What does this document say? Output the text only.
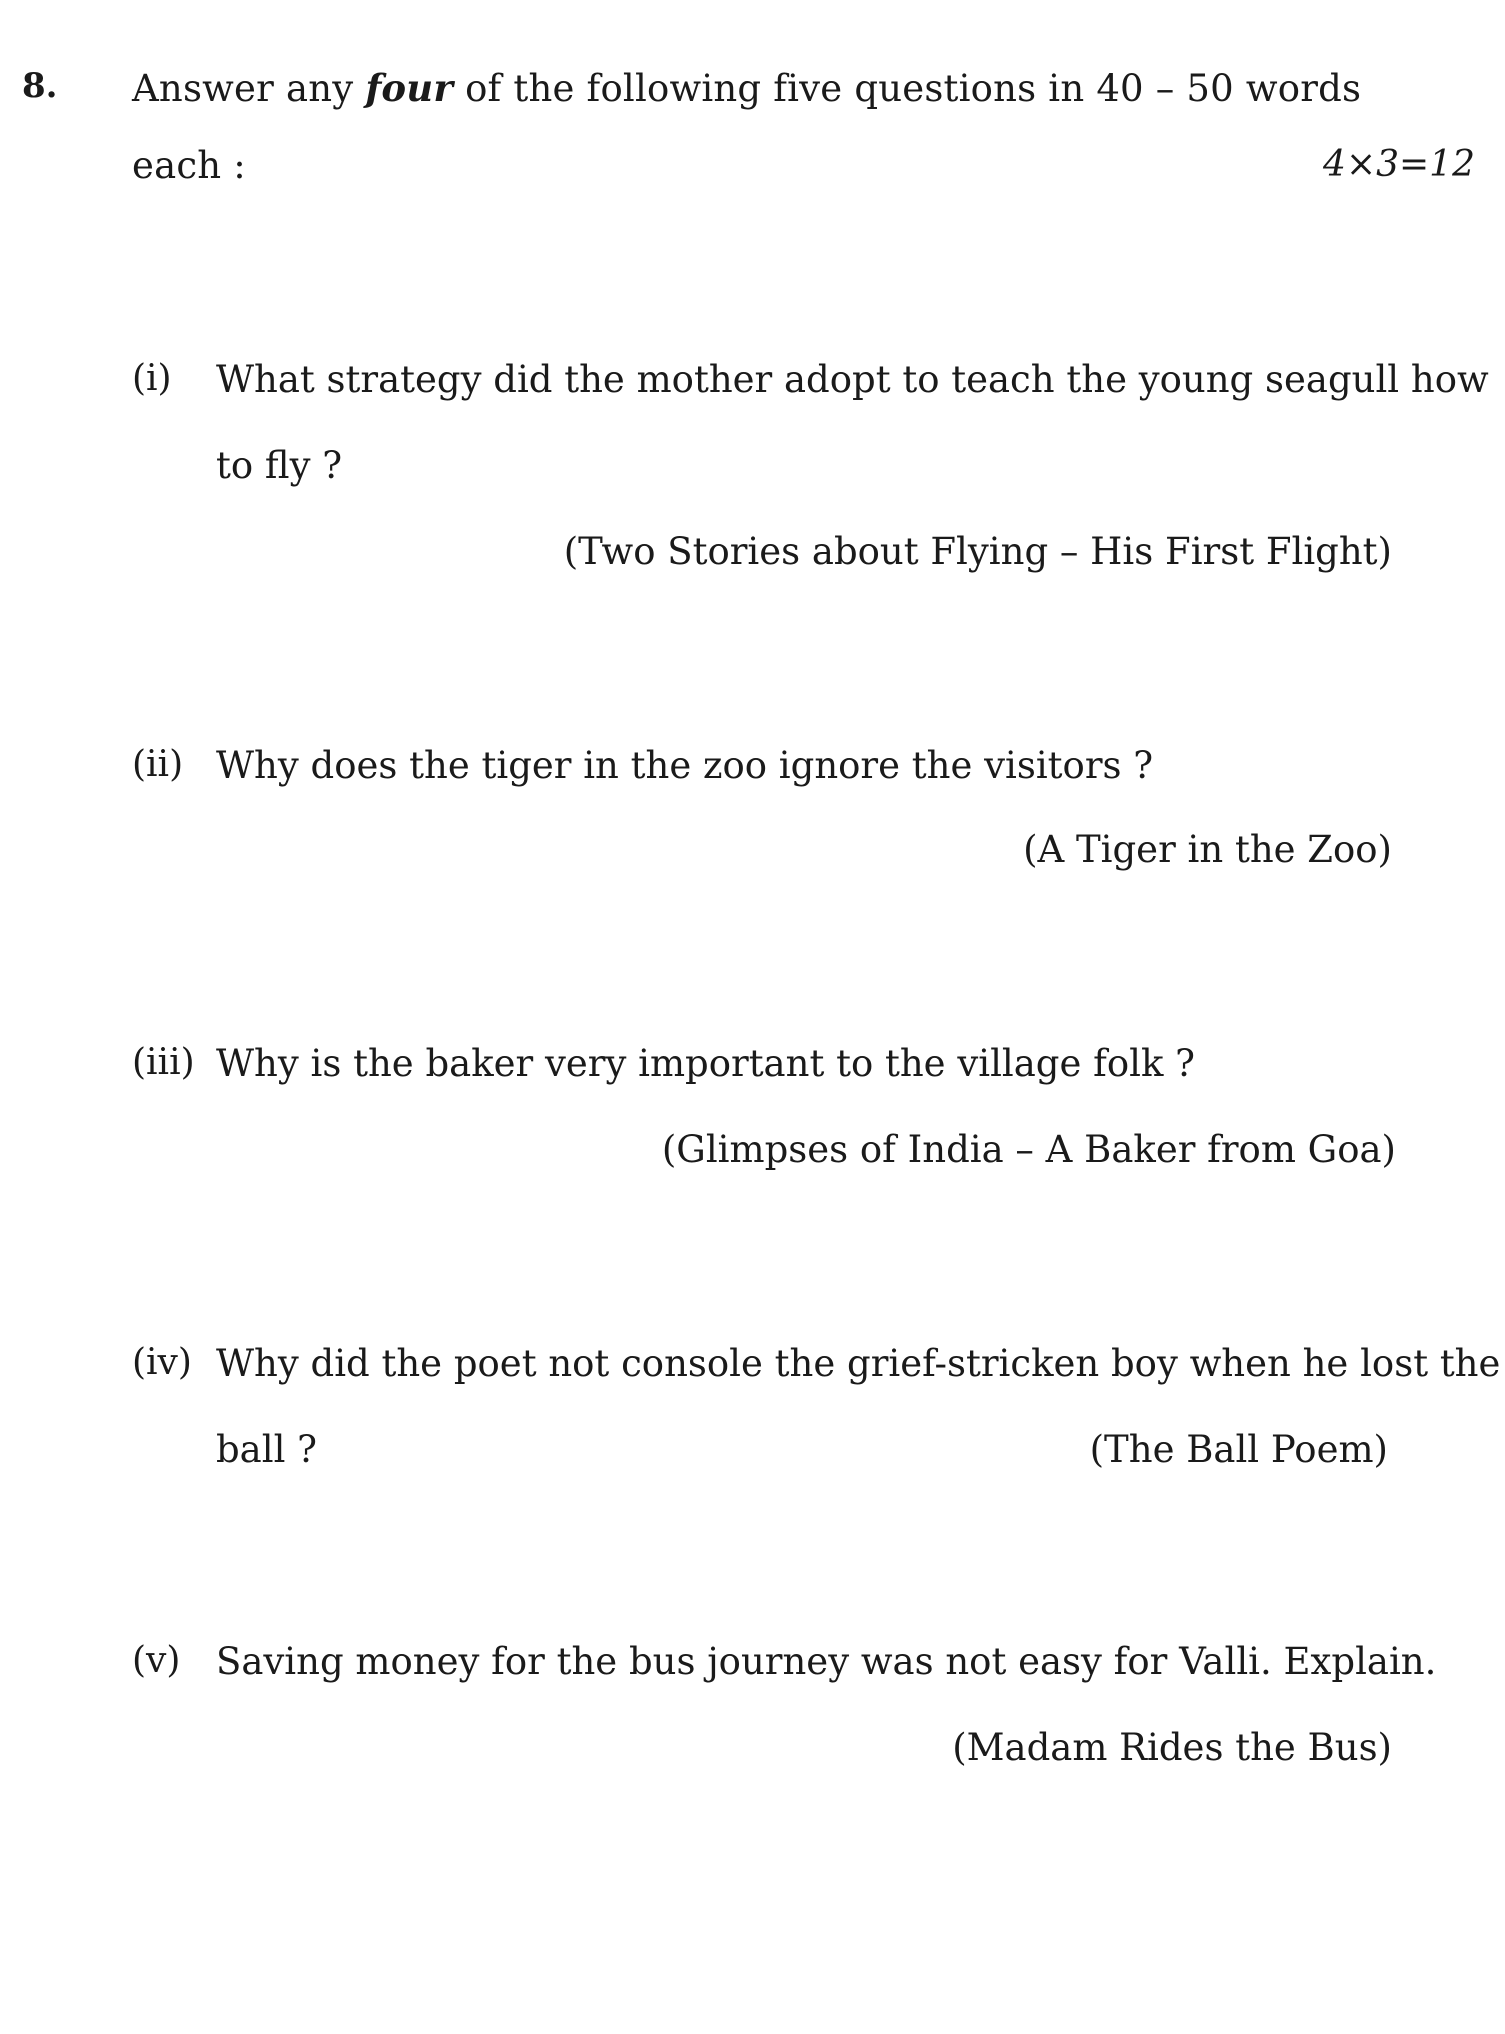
8. Answer any four of the following five questions in 40 – 50 words
each :	4×3=12
(i) What strategy did the mother adopt to teach the young seagull how
to fly ?
(Two Stories about Flying – His First Flight)
(ii) Why does the tiger in the zoo ignore the visitors ?
(A Tiger in the Zoo)
(iii) Why is the baker very important to the village folk ?
(Glimpses of India – A Baker from Goa)
(iv) Why did the poet not console the grief-stricken boy when he lost the
ball ?	(The Ball Poem)
(v) Saving money for the bus journey was not easy for Valli. Explain.
(Madam Rides the Bus)
